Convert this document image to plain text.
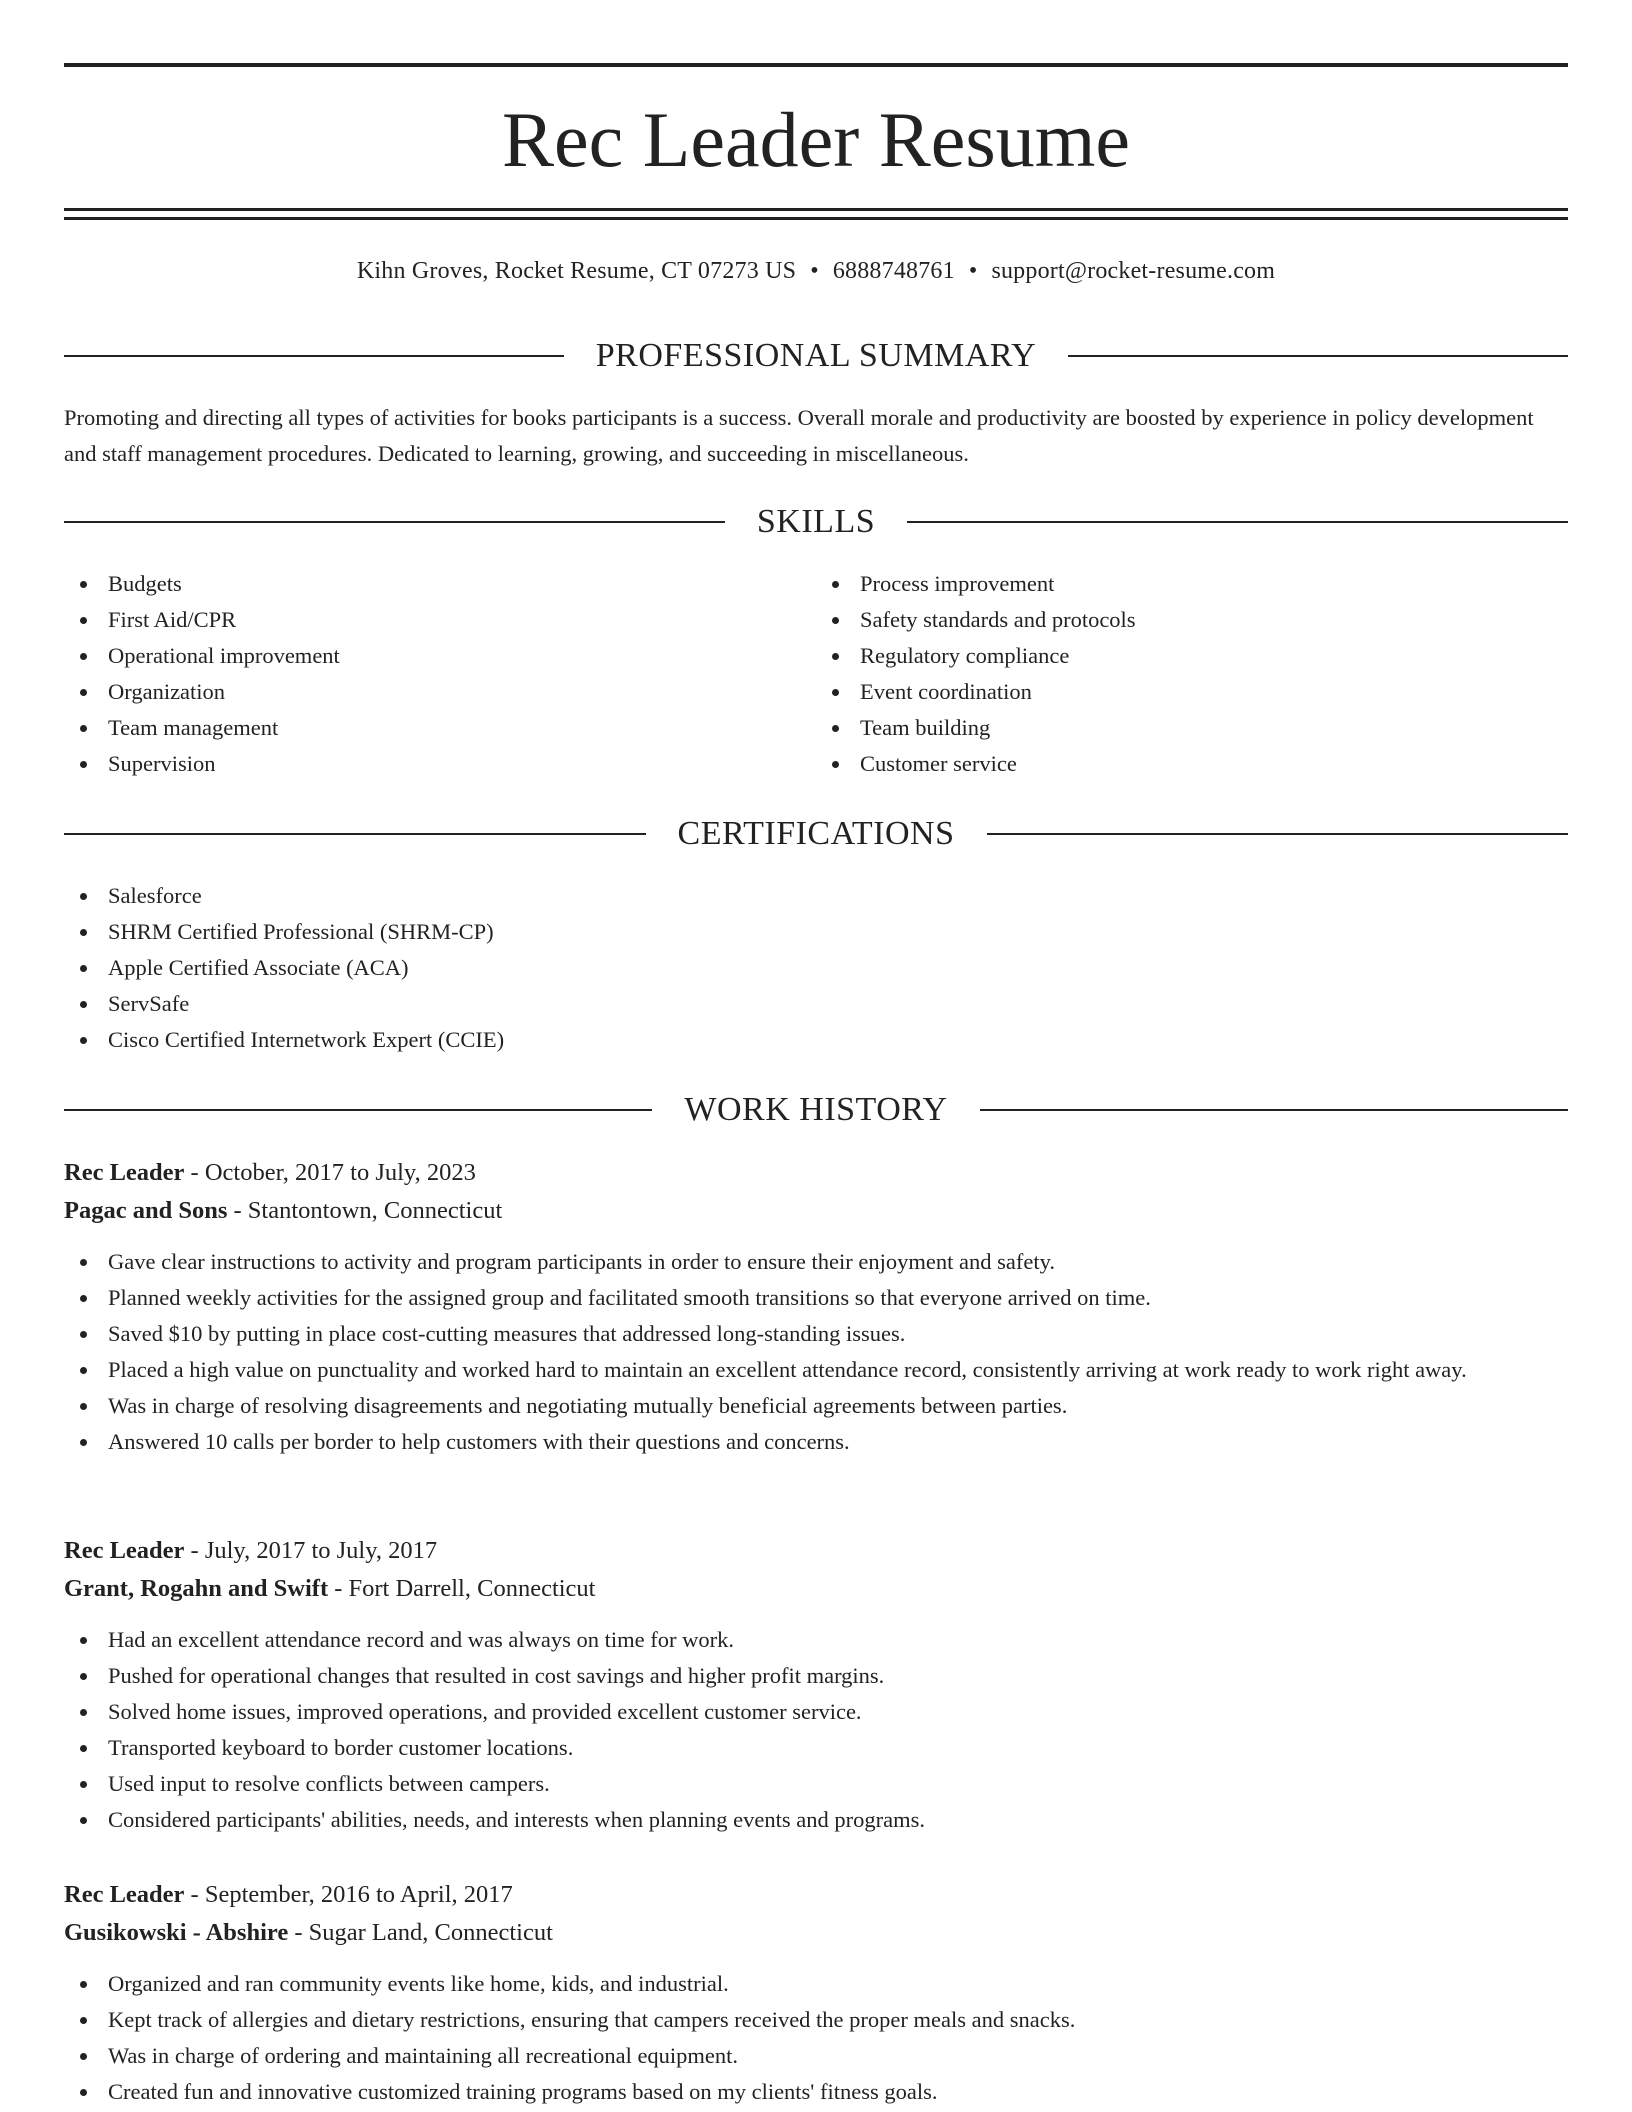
Rec Leader Resume
Kihn Groves, Rocket Resume, CT 07273 US • 6888748761 • support@rocket-resume.com
PROFESSIONAL SUMMARY

Promoting and directing all types of activities for books participants is a success. Overall morale and productivity are boosted by experience in policy development and staff management procedures. Dedicated to learning, growing, and succeeding in miscellaneous.

SKILLS
Budgets
First Aid/CPR
Operational improvement
Organization
Team management
Supervision
Process improvement
Safety standards and protocols
Regulatory compliance
Event coordination
Team building
Customer service
CERTIFICATIONS
Salesforce
SHRM Certified Professional (SHRM-CP)
Apple Certified Associate (ACA)
ServSafe
Cisco Certified Internetwork Expert (CCIE)
WORK HISTORY
Rec Leader - October, 2017 to July, 2023
Pagac and Sons - Stantontown, Connecticut
Gave clear instructions to activity and program participants in order to ensure their enjoyment and safety.
Planned weekly activities for the assigned group and facilitated smooth transitions so that everyone arrived on time.
Saved $10 by putting in place cost-cutting measures that addressed long-standing issues.
Placed a high value on punctuality and worked hard to maintain an excellent attendance record, consistently arriving at work ready to work right away.
Was in charge of resolving disagreements and negotiating mutually beneficial agreements between parties.
Answered 10 calls per border to help customers with their questions and concerns.
Rec Leader - July, 2017 to July, 2017
Grant, Rogahn and Swift - Fort Darrell, Connecticut
Had an excellent attendance record and was always on time for work.
Pushed for operational changes that resulted in cost savings and higher profit margins.
Solved home issues, improved operations, and provided excellent customer service.
Transported keyboard to border customer locations.
Used input to resolve conflicts between campers.
Considered participants' abilities, needs, and interests when planning events and programs.
Rec Leader - September, 2016 to April, 2017
Gusikowski - Abshire - Sugar Land, Connecticut
Organized and ran community events like home, kids, and industrial.
Kept track of allergies and dietary restrictions, ensuring that campers received the proper meals and snacks.
Was in charge of ordering and maintaining all recreational equipment.
Created fun and innovative customized training programs based on my clients' fitness goals.
